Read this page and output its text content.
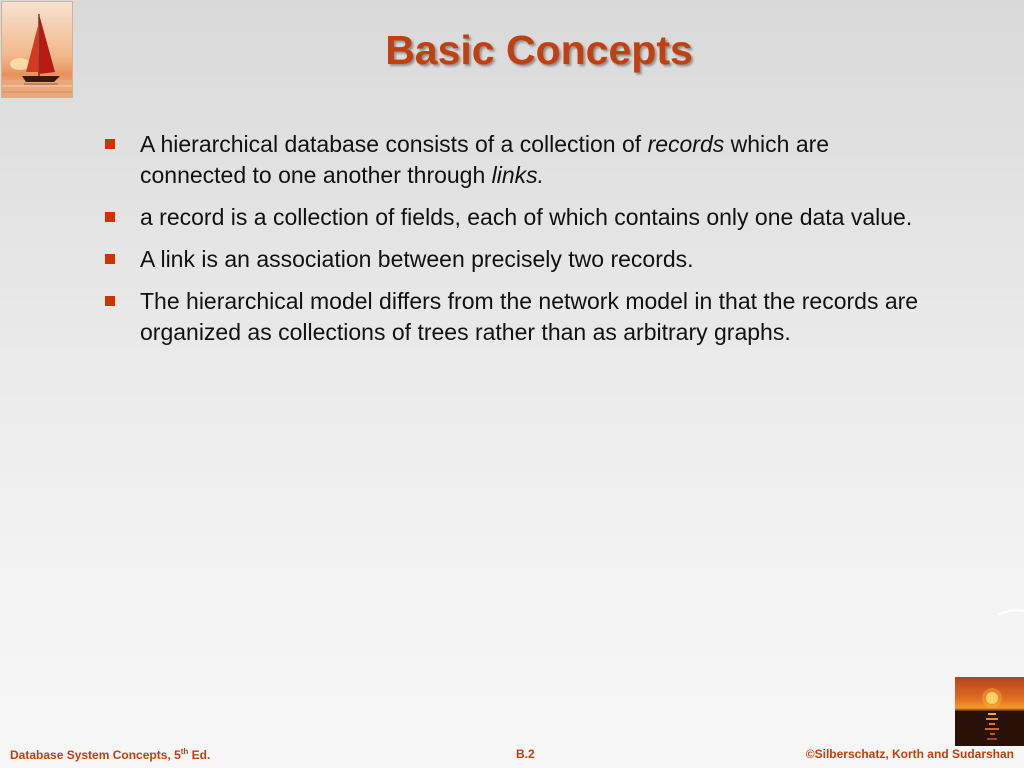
Basic Concepts
A hierarchical database consists of a collection of records which are connected to one another through links.
a record is a collection of fields, each of which contains only one data value.
A link is an association between precisely two records.
The hierarchical model differs from the network model in that the records are organized as collections of trees rather than as arbitrary graphs.
Database System Concepts, 5th Ed.	B.2	©Silberschatz, Korth and Sudarshan
